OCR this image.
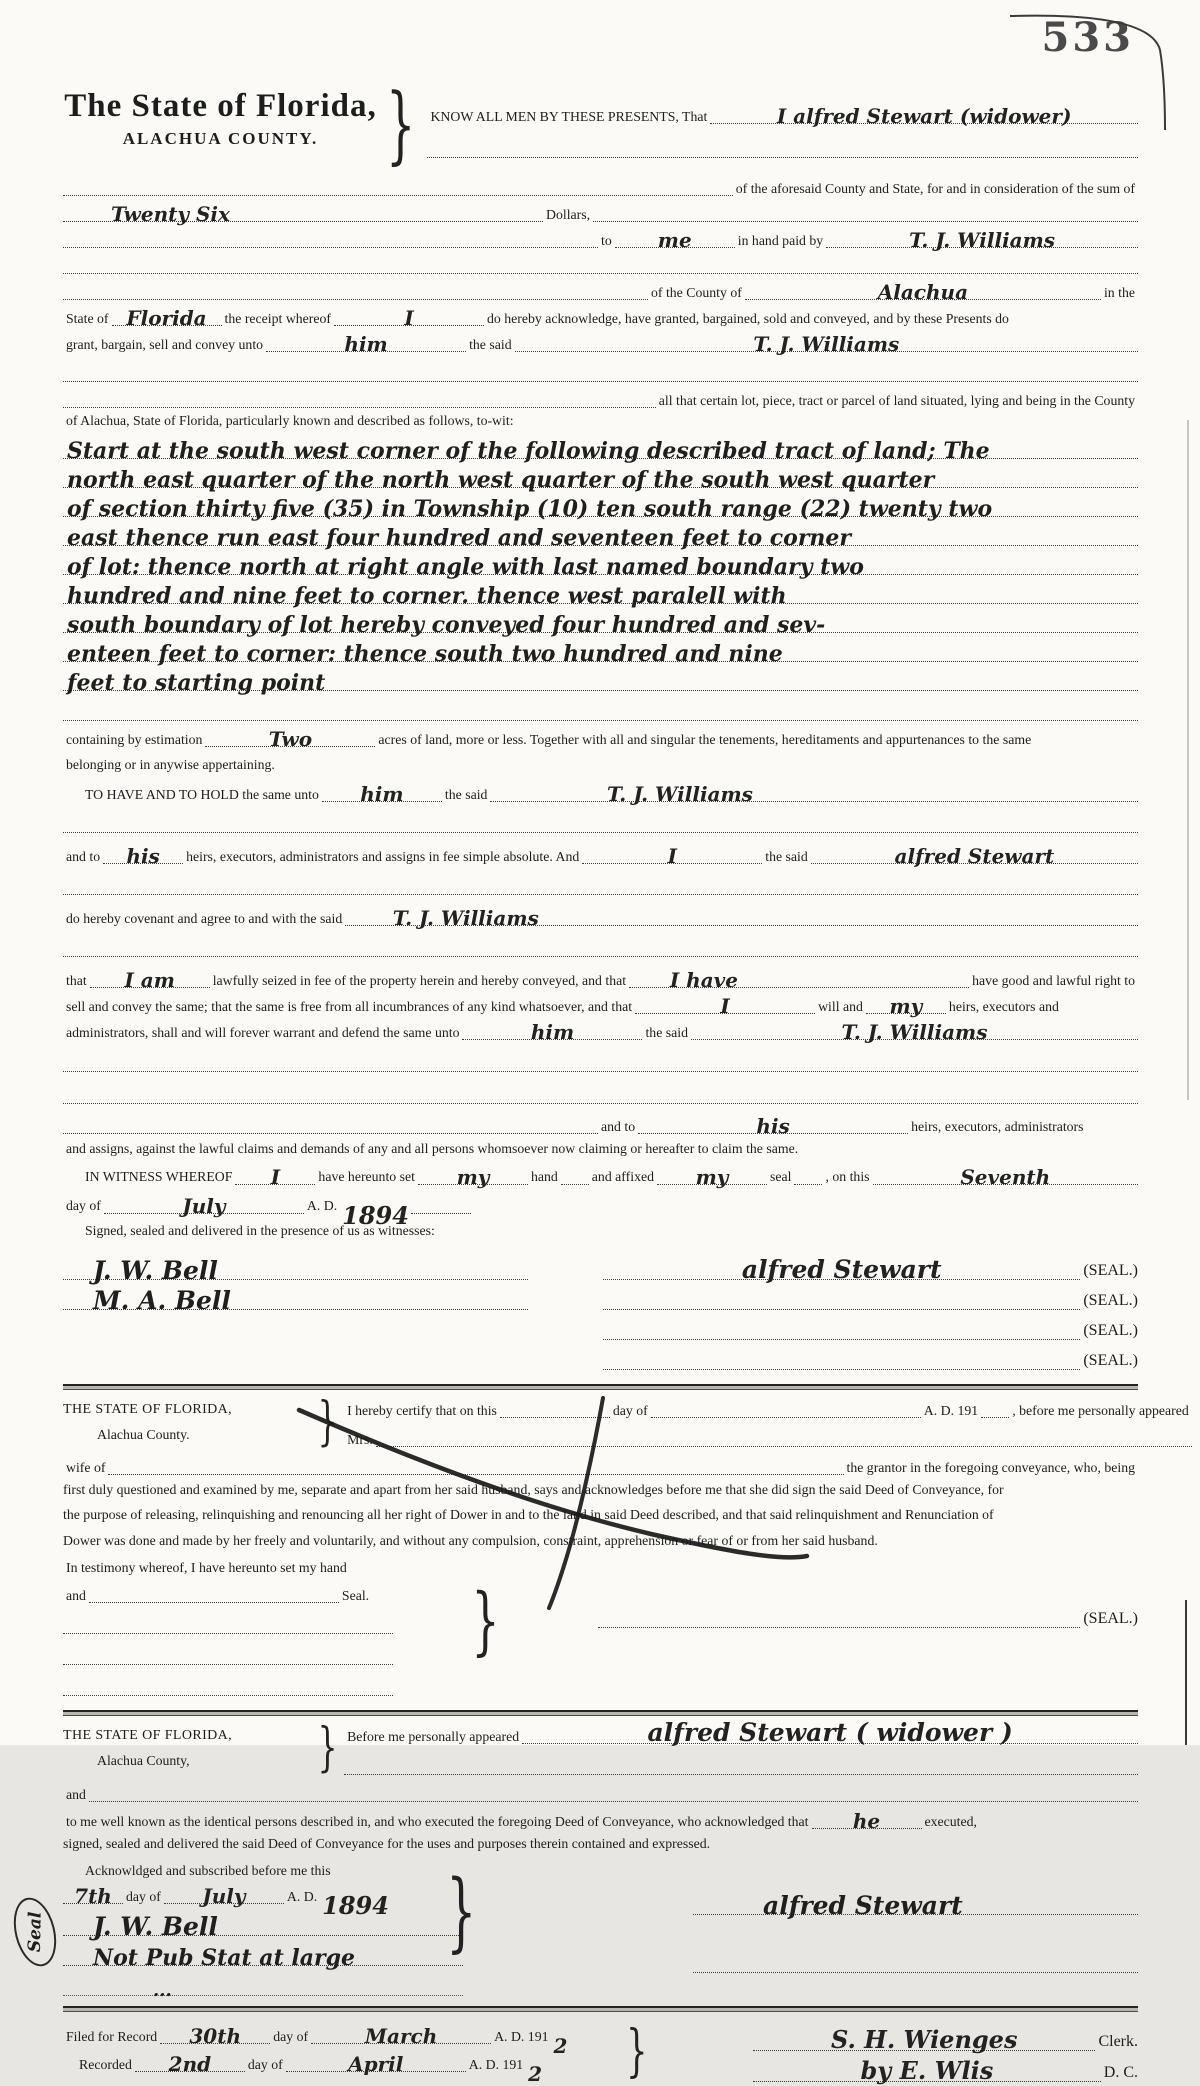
533
The State of Florida,
ALACHUA COUNTY.
}
KNOW ALL MEN BY THESE PRESENTS, That	I alfred Stewart (widower)
of the aforesaid County and State, for and in consideration of the sum of
Twenty Six	Dollars,
to me	in hand paid by	T. J. Williams
of the County of	Alachua	in the
State of Florida the receipt whereof	I	do hereby acknowledge, have granted, bargained, sold and conveyed, and by these Presents do
grant, bargain, sell and convey unto	him	the said	T. J. Williams
all that certain lot, piece, tract or parcel of land situated, lying and being in the County
of Alachua, State of Florida, particularly known and described as follows, to-wit:
Start at the south west corner of the following described tract of land; The
north east quarter of the north west quarter of the south west quarter
of section thirty five (35) in Township (10) ten south range (22) twenty two
east thence run east four hundred and seventeen feet to corner
of lot: thence north at right angle with last named boundary two
hundred and nine feet to corner. thence west paralell with
south boundary of lot hereby conveyed four hundred and sev-
enteen feet to corner: thence south two hundred and nine
feet to starting point
containing by estimation	Two	acres of land, more or less. Together with all and singular the tenements, hereditaments and appurtenances to the same
belonging or in anywise appertaining.
TO HAVE AND TO HOLD the same unto him	the said	T. J. Williams
and to his heirs, executors, administrators and assigns in fee simple absolute. And	I	the said	alfred Stewart
do hereby covenant and agree to and with the said	T. J. Williams
that I am	lawfully seized in fee of the property herein and hereby conveyed, and that I have	have good and lawful right to
sell and convey the same; that the same is free from all incumbrances of any kind whatsoever, and that	I	will and my heirs, executors and
administrators, shall and will forever warrant and defend the same unto	him	the said	T. J. Williams
and to	his	heirs, executors, administrators
and assigns, against the lawful claims and demands of any and all persons whomsoever now claiming or hereafter to claim the same.
IN WITNESS WHEREOF I	have hereunto set my	hand and affixed my	seal , on this	Seventh
day of	July	A. D. 1894
Signed, sealed and delivered in the presence of us as witnesses:
J. W. Bell
M. A. Bell
alfred Stewart	(SEAL.)
(SEAL.)
(SEAL.)
(SEAL.)
THE STATE OF FLORIDA,
Alachua County.
}
I hereby certify that on this	day of	A. D. 191 , before me personally appeared
Mrs.
wife of	the grantor in the foregoing conveyance, who, being
first duly questioned and examined by me, separate and apart from her said husband, says and acknowledges before me that she did sign the said Deed of Conveyance, for
the purpose of releasing, relinquishing and renouncing all her right of Dower in and to the land in said Deed described, and that said relinquishment and Renunciation of
Dower was done and made by her freely and voluntarily, and without any compulsion, constraint, apprehension or fear of or from her said husband.
In testimony whereof, I have hereunto set my hand
and	Seal.
}
(SEAL.)
THE STATE OF FLORIDA,
Alachua County,
}
Before me personally appeared	alfred Stewart ( widower )
and
to me well known as the identical persons described in, and who executed the foregoing Deed of Conveyance, who acknowledged that he	executed,
signed, sealed and delivered the said Deed of Conveyance for the uses and purposes therein contained and expressed.
Seal
Acknowldged and subscribed before me this
7th day of July	A. D. 1894
J. W. Bell
Not Pub Stat at large
...
}
alfred Stewart
Filed for Record 30th day of	March	A. D. 191 2
Recorded 2nd	day of	April	A. D. 191 2
}
S. H. Wienges	Clerk.
by E. Wlis	D. C.
